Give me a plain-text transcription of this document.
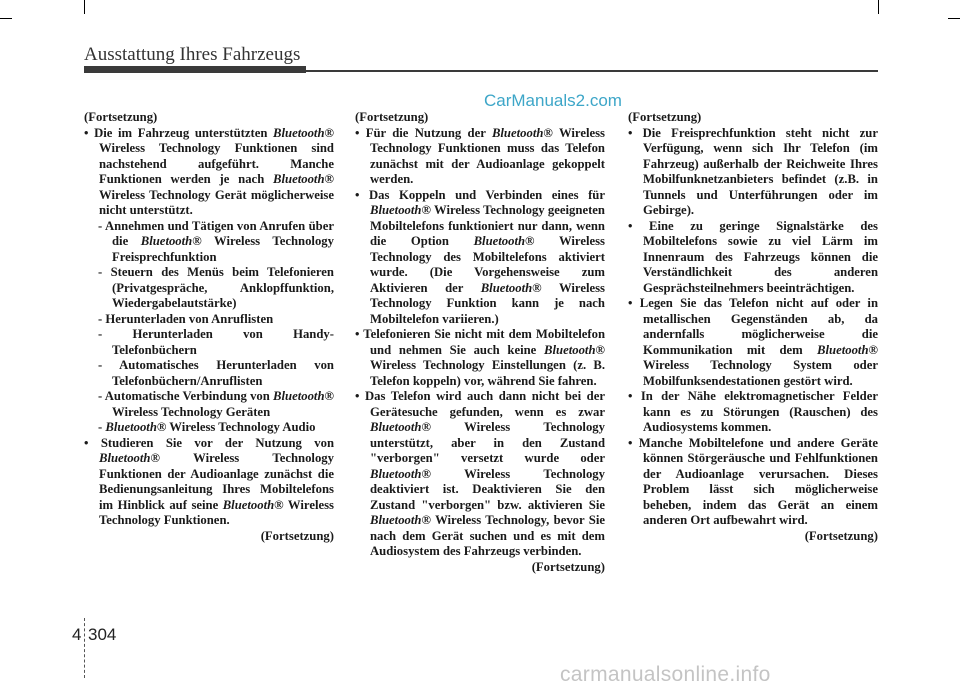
Ausstattung Ihres Fahrzeugs
CarManuals2.com

(Fortsetzung)

• Die im Fahrzeug unterstützten Bluetooth® Wireless Technology Funktionen sind nachstehend aufgeführt. Manche Funktionen werden je nach Bluetooth® Wireless Technology Gerät möglicherweise nicht unterstützt.

- Annehmen und Tätigen von Anrufen über die Bluetooth® Wireless Technology Freisprechfunktion

- Steuern des Menüs beim Telefonieren (Privatgespräche, Anklopffunktion, Wiedergabelautstärke)

- Herunterladen von Anruflisten

- Herunterladen von Handy-Telefonbüchern

- Automatisches Herunterladen von Telefonbüchern/Anruflisten

- Automatische Verbindung von Bluetooth® Wireless Technology Geräten

- Bluetooth® Wireless Technology Audio

• Studieren Sie vor der Nutzung von Bluetooth® Wireless Technology Funktionen der Audioanlage zunächst die Bedienungsanleitung Ihres Mobiltelefons im Hinblick auf seine Bluetooth® Wireless Technology Funktionen.

(Fortsetzung)

(Fortsetzung)

• Für die Nutzung der Bluetooth® Wireless Technology Funktionen muss das Telefon zunächst mit der Audioanlage gekoppelt werden.

• Das Koppeln und Verbinden eines für Bluetooth® Wireless Technology geeigneten Mobiltelefons funktioniert nur dann, wenn die Option Bluetooth® Wireless Technology des Mobiltelefons aktiviert wurde. (Die Vorgehensweise zum Aktivieren der Bluetooth® Wireless Technology Funktion kann je nach Mobiltelefon variieren.)

• Telefonieren Sie nicht mit dem Mobiltelefon und nehmen Sie auch keine Bluetooth® Wireless Technology Einstellungen (z. B. Telefon koppeln) vor, während Sie fahren.

• Das Telefon wird auch dann nicht bei der Gerätesuche gefunden, wenn es zwar Bluetooth® Wireless Technology unterstützt, aber in den Zustand "verborgen" versetzt wurde oder Bluetooth® Wireless Technology deaktiviert ist. Deaktivieren Sie den Zustand "verborgen" bzw. aktivieren Sie Bluetooth® Wireless Technology, bevor Sie nach dem Gerät suchen und es mit dem Audiosystem des Fahrzeugs verbinden.

(Fortsetzung)

(Fortsetzung)

• Die Freisprechfunktion steht nicht zur Verfügung, wenn sich Ihr Telefon (im Fahrzeug) außerhalb der Reichweite Ihres Mobilfunknetzanbieters befindet (z.B. in Tunnels und Unterführungen oder im Gebirge).

• Eine zu geringe Signalstärke des Mobiltelefons sowie zu viel Lärm im Innenraum des Fahrzeugs können die Verständlichkeit des anderen Gesprächsteilnehmers beeinträchtigen.

• Legen Sie das Telefon nicht auf oder in metallischen Gegenständen ab, da andernfalls möglicherweise die Kommunikation mit dem Bluetooth® Wireless Technology System oder Mobilfunksendestationen gestört wird.

• In der Nähe elektromagnetischer Felder kann es zu Störungen (Rauschen) des Audiosystems kommen.

• Manche Mobiltelefone und andere Geräte können Störgeräusche und Fehlfunktionen der Audioanlage verursachen. Dieses Problem lässt sich möglicherweise beheben, indem das Gerät an einem anderen Ort aufbewahrt wird.

(Fortsetzung)

4 304
carmanualsonline.info
